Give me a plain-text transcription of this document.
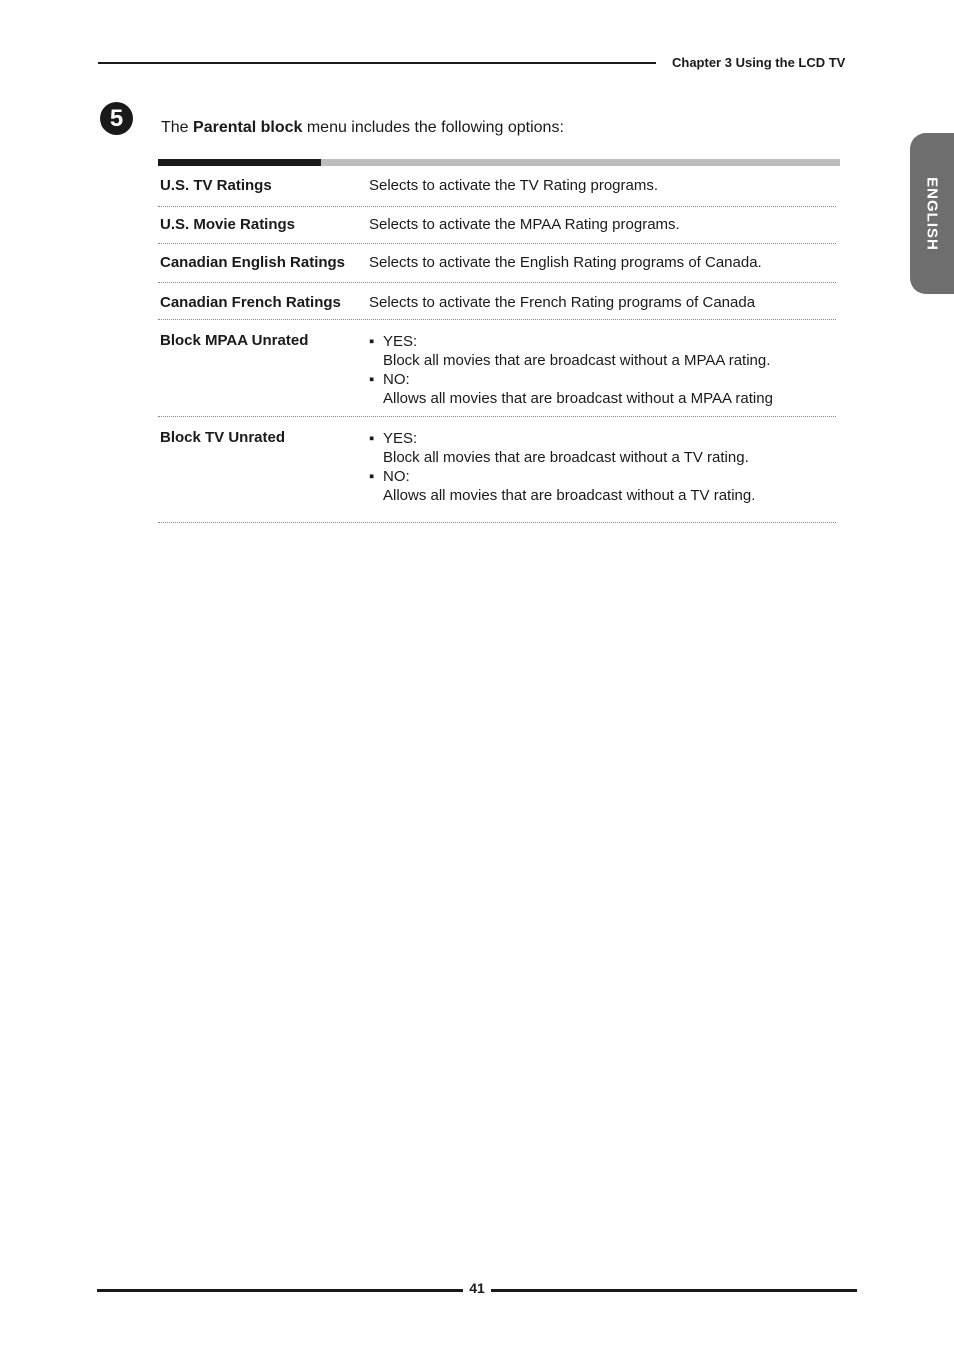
Chapter 3 Using the LCD TV
ENGLISH
5	The Parental block menu includes the following options:
U.S. TV Ratings	Selects to activate the TV Rating programs.
U.S. Movie Ratings	Selects to activate the MPAA Rating programs.
Canadian English Ratings Selects to activate the English Rating programs of Canada.
Canadian French Ratings Selects to activate the French Rating programs of Canada
Block MPAA Unrated	▪ YES:
Block all movies that are broadcast without a MPAA rating.
▪ NO:
Allows all movies that are broadcast without a MPAA rating
Block TV Unrated	▪ YES:
Block all movies that are broadcast without a TV rating.
▪ NO:
Allows all movies that are broadcast without a TV rating.
41
